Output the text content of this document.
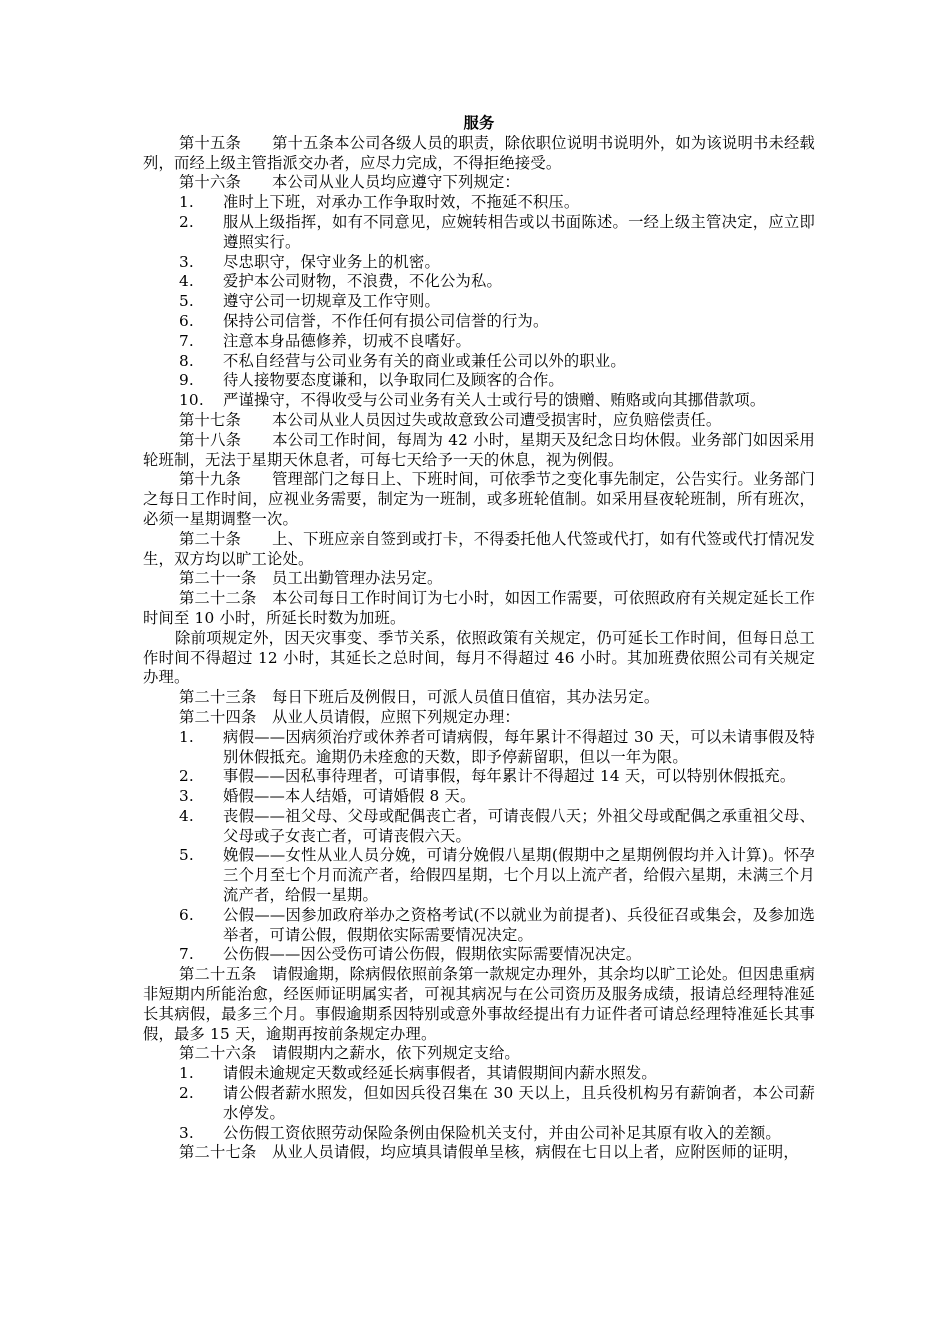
服务
第十五条　　第十五条本公司各级人员的职责，除依职位说明书说明外，如为该说明书未经载列，而经上级主管指派交办者，应尽力完成，不得拒绝接受。
第十六条　　本公司从业人员均应遵守下列规定：
1. 准时上下班，对承办工作争取时效，不拖延不积压。
2. 服从上级指挥，如有不同意见，应婉转相告或以书面陈述。一经上级主管决定，应立即遵照实行。
3. 尽忠职守，保守业务上的机密。
4. 爱护本公司财物，不浪费，不化公为私。
5. 遵守公司一切规章及工作守则。
6. 保持公司信誉，不作任何有损公司信誉的行为。
7. 注意本身品德修养，切戒不良嗜好。
8. 不私自经营与公司业务有关的商业或兼任公司以外的职业。
9. 待人接物要态度谦和，以争取同仁及顾客的合作。
10. 严谨操守，不得收受与公司业务有关人士或行号的馈赠、贿赂或向其挪借款项。
第十七条　　本公司从业人员因过失或故意致公司遭受损害时，应负赔偿责任。
第十八条　　本公司工作时间，每周为 42 小时，星期天及纪念日均休假。业务部门如因采用轮班制，无法于星期天休息者，可每七天给予一天的休息，视为例假。
第十九条　　管理部门之每日上、下班时间，可依季节之变化事先制定，公告实行。业务部门之每日工作时间，应视业务需要，制定为一班制，或多班轮值制。如采用昼夜轮班制，所有班次，必须一星期调整一次。
第二十条　　上、下班应亲自签到或打卡，不得委托他人代签或代打，如有代签或代打情况发生，双方均以旷工论处。
第二十一条　员工出勤管理办法另定。
第二十二条　本公司每日工作时间订为七小时，如因工作需要，可依照政府有关规定延长工作时间至 10 小时，所延长时数为加班。
除前项规定外，因天灾事变、季节关系，依照政策有关规定，仍可延长工作时间，但每日总工作时间不得超过 12 小时，其延长之总时间，每月不得超过 46 小时。其加班费依照公司有关规定办理。
第二十三条　每日下班后及例假日，可派人员值日值宿，其办法另定。
第二十四条　从业人员请假，应照下列规定办理：
1. 病假——因病须治疗或休养者可请病假，每年累计不得超过 30 天，可以未请事假及特别休假抵充。逾期仍未痊愈的天数，即予停薪留职，但以一年为限。
2. 事假——因私事待理者，可请事假，每年累计不得超过 14 天，可以特别休假抵充。
3. 婚假——本人结婚，可请婚假 8 天。
4. 丧假——祖父母、父母或配偶丧亡者，可请丧假八天；外祖父母或配偶之承重祖父母、父母或子女丧亡者，可请丧假六天。
5. 娩假——女性从业人员分娩，可请分娩假八星期(假期中之星期例假均并入计算)。怀孕三个月至七个月而流产者，给假四星期，七个月以上流产者，给假六星期，未满三个月流产者，给假一星期。
6. 公假——因参加政府举办之资格考试(不以就业为前提者)、兵役征召或集会，及参加选举者，可请公假，假期依实际需要情况决定。
7. 公伤假——因公受伤可请公伤假，假期依实际需要情况决定。
第二十五条　请假逾期，除病假依照前条第一款规定办理外，其余均以旷工论处。但因患重病非短期内所能治愈，经医师证明属实者，可视其病况与在公司资历及服务成绩，报请总经理特准延长其病假，最多三个月。事假逾期系因特别或意外事故经提出有力证件者可请总经理特准延长其事假，最多 15 天，逾期再按前条规定办理。
第二十六条　请假期内之薪水，依下列规定支给。
1. 请假未逾规定天数或经延长病事假者，其请假期间内薪水照发。
2. 请公假者薪水照发，但如因兵役召集在 30 天以上，且兵役机构另有薪饷者，本公司薪水停发。
3. 公伤假工资依照劳动保险条例由保险机关支付，并由公司补足其原有收入的差额。
第二十七条　从业人员请假，均应填具请假单呈核，病假在七日以上者，应附医师的证明，
